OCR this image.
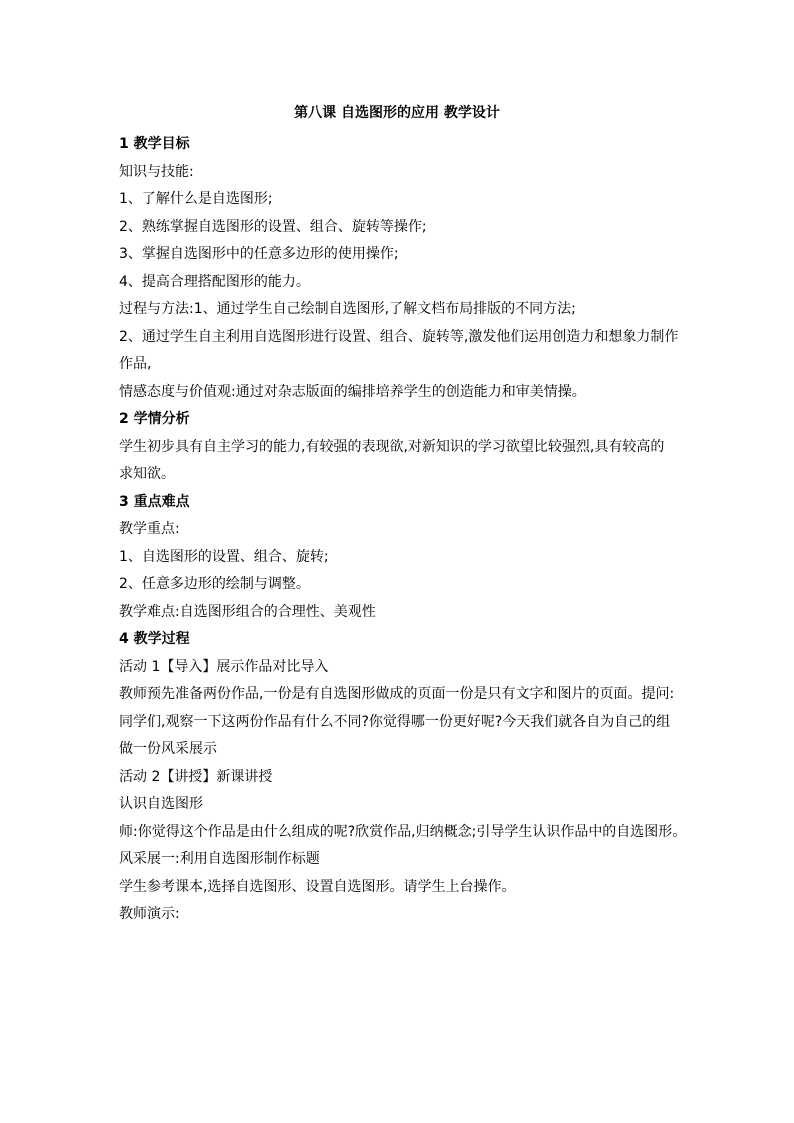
第八课 自选图形的应用 教学设计
1 教学目标
知识与技能:
1、了解什么是自选图形;
2、熟练掌握自选图形的设置、组合、旋转等操作;
3、掌握自选图形中的任意多边形的使用操作;
4、提高合理搭配图形的能力。
过程与方法:1、通过学生自己绘制自选图形,了解文档布局排版的不同方法;
2、通过学生自主利用自选图形进行设置、组合、旋转等,激发他们运用创造力和想象力制作
作品,
情感态度与价值观:通过对杂志版面的编排培养学生的创造能力和审美情操。
2 学情分析
学生初步具有自主学习的能力,有较强的表现欲,对新知识的学习欲望比较强烈,具有较高的
求知欲。
3 重点难点
教学重点:
1、自选图形的设置、组合、旋转;
2、任意多边形的绘制与调整。
教学难点:自选图形组合的合理性、美观性
4 教学过程
活动 1【导入】展示作品对比导入
教师预先准备两份作品,一份是有自选图形做成的页面一份是只有文字和图片的页面。提问:
同学们,观察一下这两份作品有什么不同?你觉得哪一份更好呢?今天我们就各自为自己的组
做一份风采展示
活动 2【讲授】新课讲授
认识自选图形
师:你觉得这个作品是由什么组成的呢?欣赏作品,归纳概念;引导学生认识作品中的自选图形。
风采展一:利用自选图形制作标题
学生参考课本,选择自选图形、设置自选图形。请学生上台操作。
教师演示:
